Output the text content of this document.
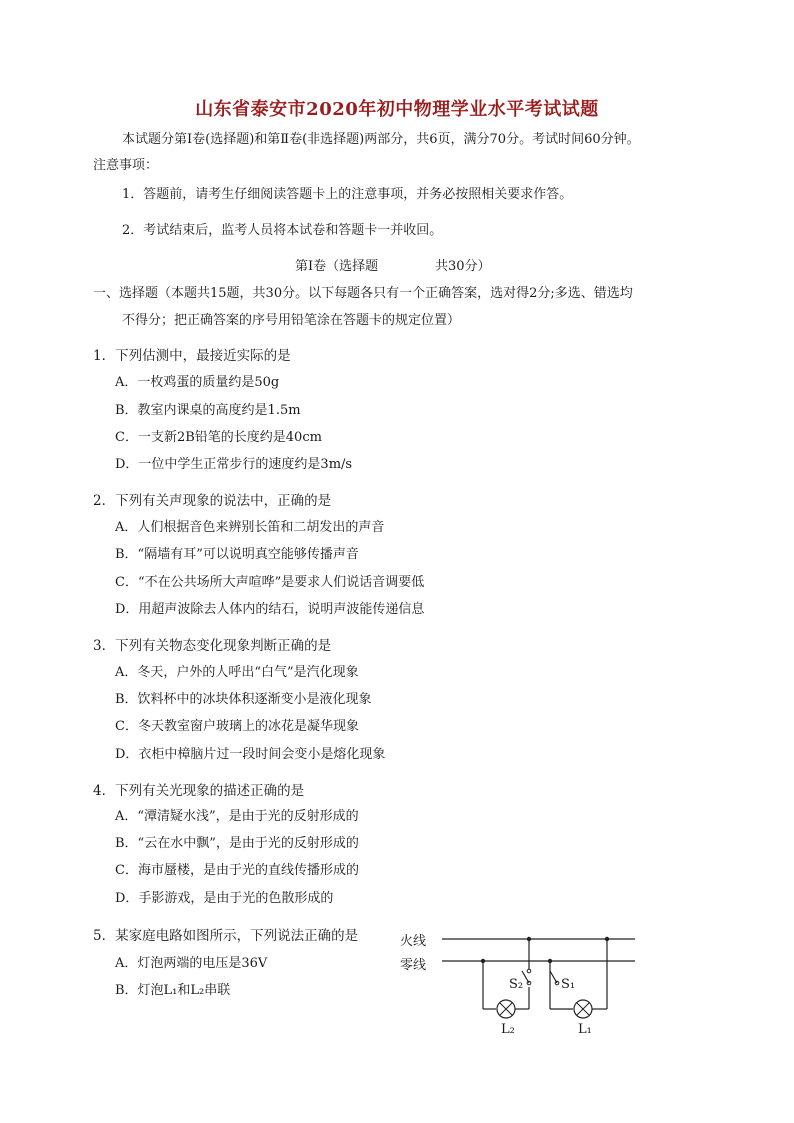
山东省泰安市2020年初中物理学业水平考试试题
本试题分第Ⅰ卷(选择题)和第Ⅱ卷(非选择题)两部分，共6页，满分70分。考试时间60分钟。
注意事项：
1．答题前，请考生仔细阅读答题卡上的注意事项，并务必按照相关要求作答。
2．考试结束后，监考人员将本试卷和答题卡一并收回。
第Ⅰ卷（选择题	共30分）
一、选择题（本题共15题，共30分。以下每题各只有一个正确答案，选对得2分;多选、错选均
不得分；把正确答案的序号用铅笔涂在答题卡的规定位置）
1．下列估测中，最接近实际的是
A．一枚鸡蛋的质量约是50g
B．教室内课桌的高度约是1.5m
C．一支新2B铅笔的长度约是40cm
D．一位中学生正常步行的速度约是3m/s
2．下列有关声现象的说法中，正确的是
A．人们根据音色来辨别长笛和二胡发出的声音
B．“隔墙有耳”可以说明真空能够传播声音
C．“不在公共场所大声喧哗”是要求人们说话音调要低
D．用超声波除去人体内的结石，说明声波能传递信息
3．下列有关物态变化现象判断正确的是
A．冬天，户外的人呼出“白气”是汽化现象
B．饮料杯中的冰块体积逐渐变小是液化现象
C．冬天教室窗户玻璃上的冰花是凝华现象
D．衣柜中樟脑片过一段时间会变小是熔化现象
4．下列有关光现象的描述正确的是
A．“潭清疑水浅”，是由于光的反射形成的
B．“云在水中飘”，是由于光的反射形成的
C．海市蜃楼，是由于光的直线传播形成的
D．手影游戏，是由于光的色散形成的
5．某家庭电路如图所示，下列说法正确的是
A．灯泡两端的电压是36V
B．灯泡L₁和L₂串联
火线
零线
S₂
L₂
S₁
L₁
